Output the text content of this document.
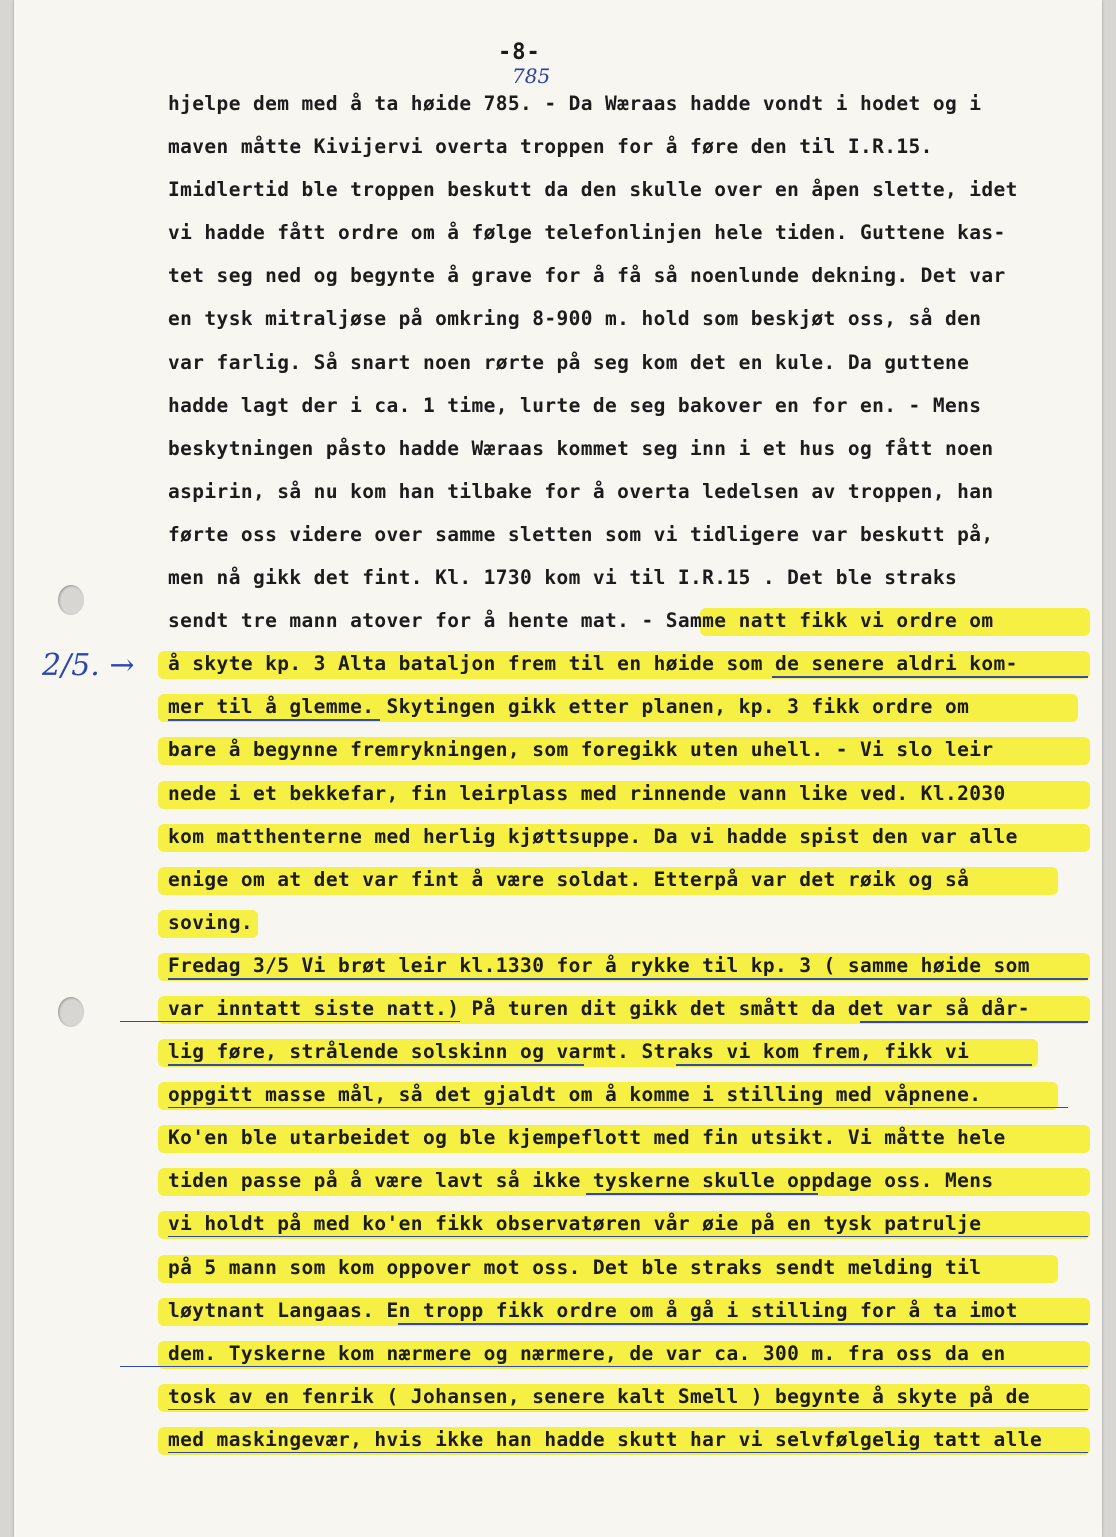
-8-
785
2/5. →
hjelpe dem med å ta høide 785. - Da Wæraas hadde vondt i hodet og i
maven måtte Kivijervi overta troppen for å føre den til I.R.15.
Imidlertid ble troppen beskutt da den skulle over en åpen slette, idet
vi hadde fått ordre om å følge telefonlinjen hele tiden. Guttene kas-
tet seg ned og begynte å grave for å få så noenlunde dekning. Det var
en tysk mitraljøse på omkring 8-900 m. hold som beskjøt oss, så den
var farlig. Så snart noen rørte på seg kom det en kule. Da guttene
hadde lagt der i ca. 1 time, lurte de seg bakover en for en. - Mens
beskytningen påsto hadde Wæraas kommet seg inn i et hus og fått noen
aspirin, så nu kom han tilbake for å overta ledelsen av troppen, han
førte oss videre over samme sletten som vi tidligere var beskutt på,
men nå gikk det fint. Kl. 1730 kom vi til I.R.15 . Det ble straks
sendt tre mann atover for å hente mat. - Samme natt fikk vi ordre om
å skyte kp. 3 Alta bataljon frem til en høide som de senere aldri kom-
mer til å glemme. Skytingen gikk etter planen, kp. 3 fikk ordre om
bare å begynne fremrykningen, som foregikk uten uhell. - Vi slo leir
nede i et bekkefar, fin leirplass med rinnende vann like ved. Kl.2030
kom matthenterne med herlig kjøttsuppe. Da vi hadde spist den var alle
enige om at det var fint å være soldat. Etterpå var det røik og så
soving.
Fredag 3/5 Vi brøt leir kl.1330 for å rykke til kp. 3 ( samme høide som
var inntatt siste natt.) På turen dit gikk det smått da det var så dår-
lig føre, strålende solskinn og varmt. Straks vi kom frem, fikk vi
oppgitt masse mål, så det gjaldt om å komme i stilling med våpnene.
Ko'en ble utarbeidet og ble kjempeflott med fin utsikt. Vi måtte hele
tiden passe på å være lavt så ikke tyskerne skulle oppdage oss. Mens
vi holdt på med ko'en fikk observatøren vår øie på en tysk patrulje
på 5 mann som kom oppover mot oss. Det ble straks sendt melding til
løytnant Langaas. En tropp fikk ordre om å gå i stilling for å ta imot
dem. Tyskerne kom nærmere og nærmere, de var ca. 300 m. fra oss da en
tosk av en fenrik ( Johansen, senere kalt Smell ) begynte å skyte på de
med maskingevær, hvis ikke han hadde skutt har vi selvfølgelig tatt alle
